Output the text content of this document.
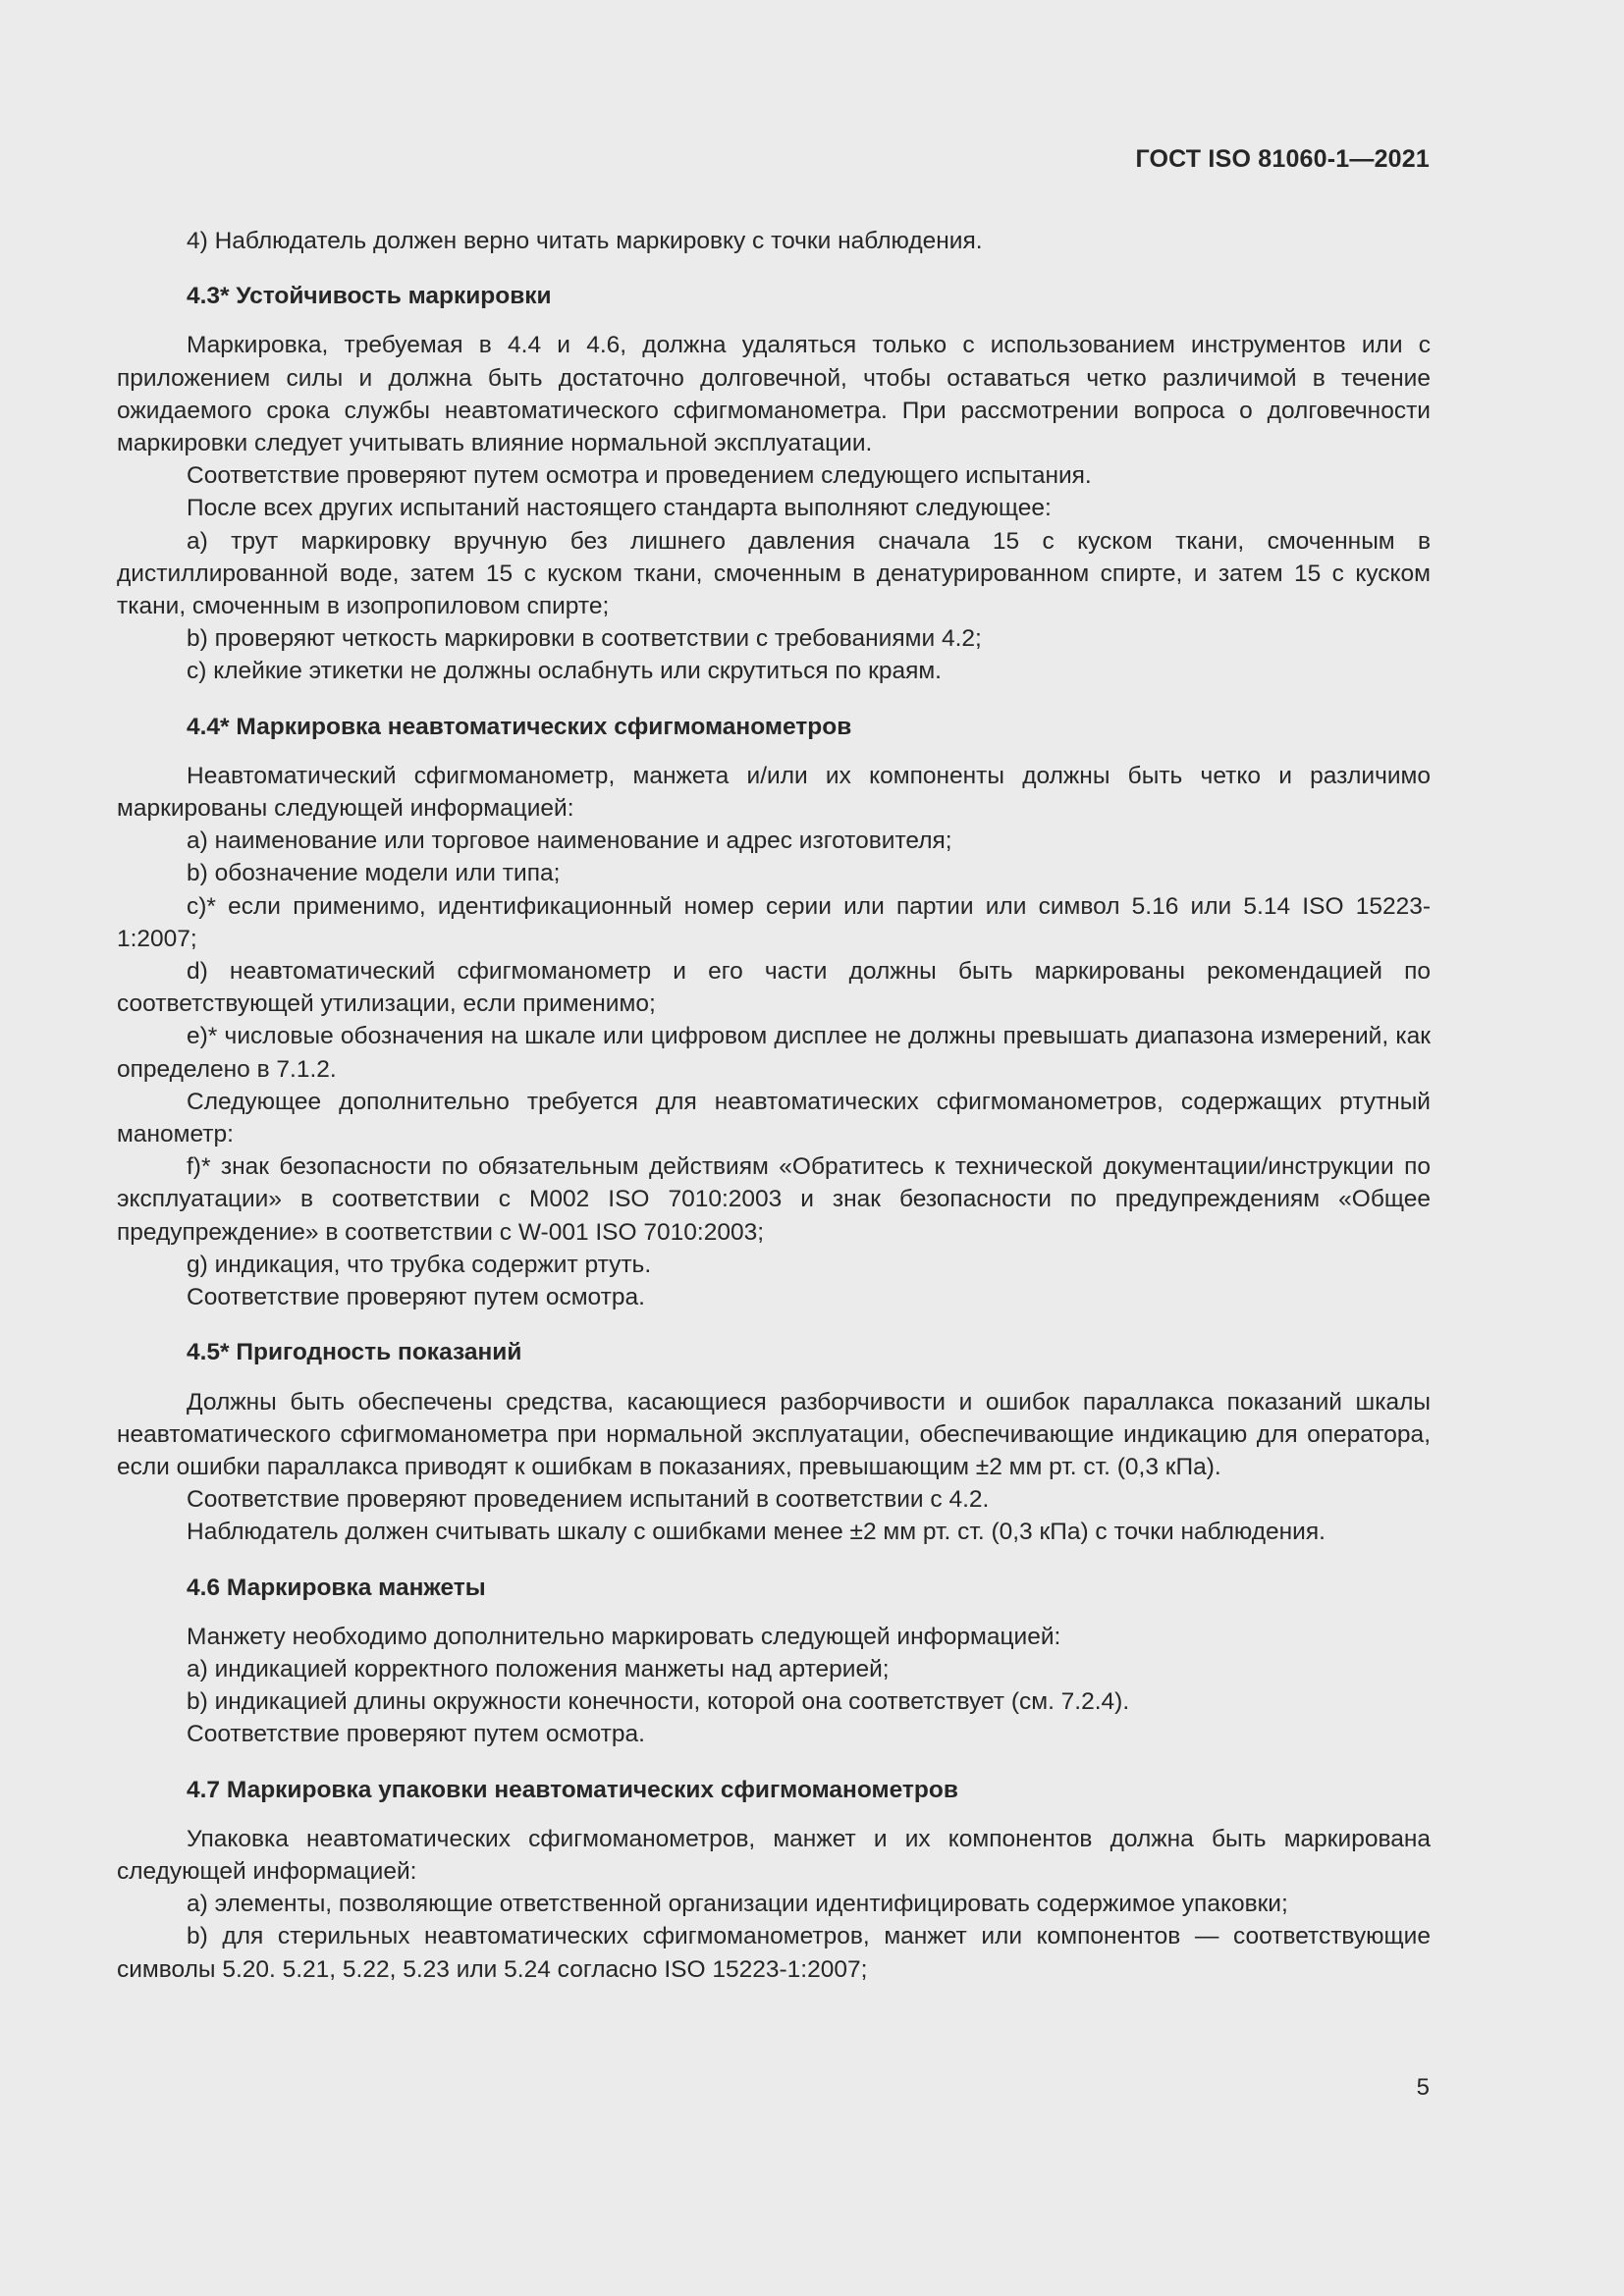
ГОСТ ISO 81060-1—2021

4) Наблюдатель должен верно читать маркировку с точки наблюдения.

4.3* Устойчивость маркировки

Маркировка, требуемая в 4.4 и 4.6, должна удаляться только с использованием инструментов или с приложением силы и должна быть достаточно долговечной, чтобы оставаться четко различимой в течение ожидаемого срока службы неавтоматического сфигмоманометра. При рассмотрении вопроса о долговечности маркировки следует учитывать влияние нормальной эксплуатации.

Соответствие проверяют путем осмотра и проведением следующего испытания.

После всех других испытаний настоящего стандарта выполняют следующее:

a) трут маркировку вручную без лишнего давления сначала 15 с куском ткани, смоченным в дистиллированной воде, затем 15 с куском ткани, смоченным в денатурированном спирте, и затем 15 с куском ткани, смоченным в изопропиловом спирте;

b) проверяют четкость маркировки в соответствии с требованиями 4.2;

c) клейкие этикетки не должны ослабнуть или скрутиться по краям.

4.4* Маркировка неавтоматических сфигмоманометров

Неавтоматический сфигмоманометр, манжета и/или их компоненты должны быть четко и различимо маркированы следующей информацией:

a) наименование или торговое наименование и адрес изготовителя;

b) обозначение модели или типа;

c)* если применимо, идентификационный номер серии или партии или символ 5.16 или 5.14 ISO 15223-1:2007;

d) неавтоматический сфигмоманометр и его части должны быть маркированы рекомендацией по соответствующей утилизации, если применимо;

e)* числовые обозначения на шкале или цифровом дисплее не должны превышать диапазона измерений, как определено в 7.1.2.

Следующее дополнительно требуется для неавтоматических сфигмоманометров, содержащих ртутный манометр:

f)* знак безопасности по обязательным действиям «Обратитесь к технической документации/инструкции по эксплуатации» в соответствии с M002 ISO 7010:2003 и знак безопасности по предупреждениям «Общее предупреждение» в соответствии с W-001 ISO 7010:2003;

g) индикация, что трубка содержит ртуть.

Соответствие проверяют путем осмотра.

4.5* Пригодность показаний

Должны быть обеспечены средства, касающиеся разборчивости и ошибок параллакса показаний шкалы неавтоматического сфигмоманометра при нормальной эксплуатации, обеспечивающие индикацию для оператора, если ошибки параллакса приводят к ошибкам в показаниях, превышающим ±2 мм рт. ст. (0,3 кПа).

Соответствие проверяют проведением испытаний в соответствии с 4.2.

Наблюдатель должен считывать шкалу с ошибками менее ±2 мм рт. ст. (0,3 кПа) с точки наблюдения.

4.6 Маркировка манжеты

Манжету необходимо дополнительно маркировать следующей информацией:

a) индикацией корректного положения манжеты над артерией;

b) индикацией длины окружности конечности, которой она соответствует (см. 7.2.4).

Соответствие проверяют путем осмотра.

4.7 Маркировка упаковки неавтоматических сфигмоманометров

Упаковка неавтоматических сфигмоманометров, манжет и их компонентов должна быть маркирована следующей информацией:

a) элементы, позволяющие ответственной организации идентифицировать содержимое упаковки;

b) для стерильных неавтоматических сфигмоманометров, манжет или компонентов — соответствующие символы 5.20. 5.21, 5.22, 5.23 или 5.24 согласно ISO 15223-1:2007;

5
